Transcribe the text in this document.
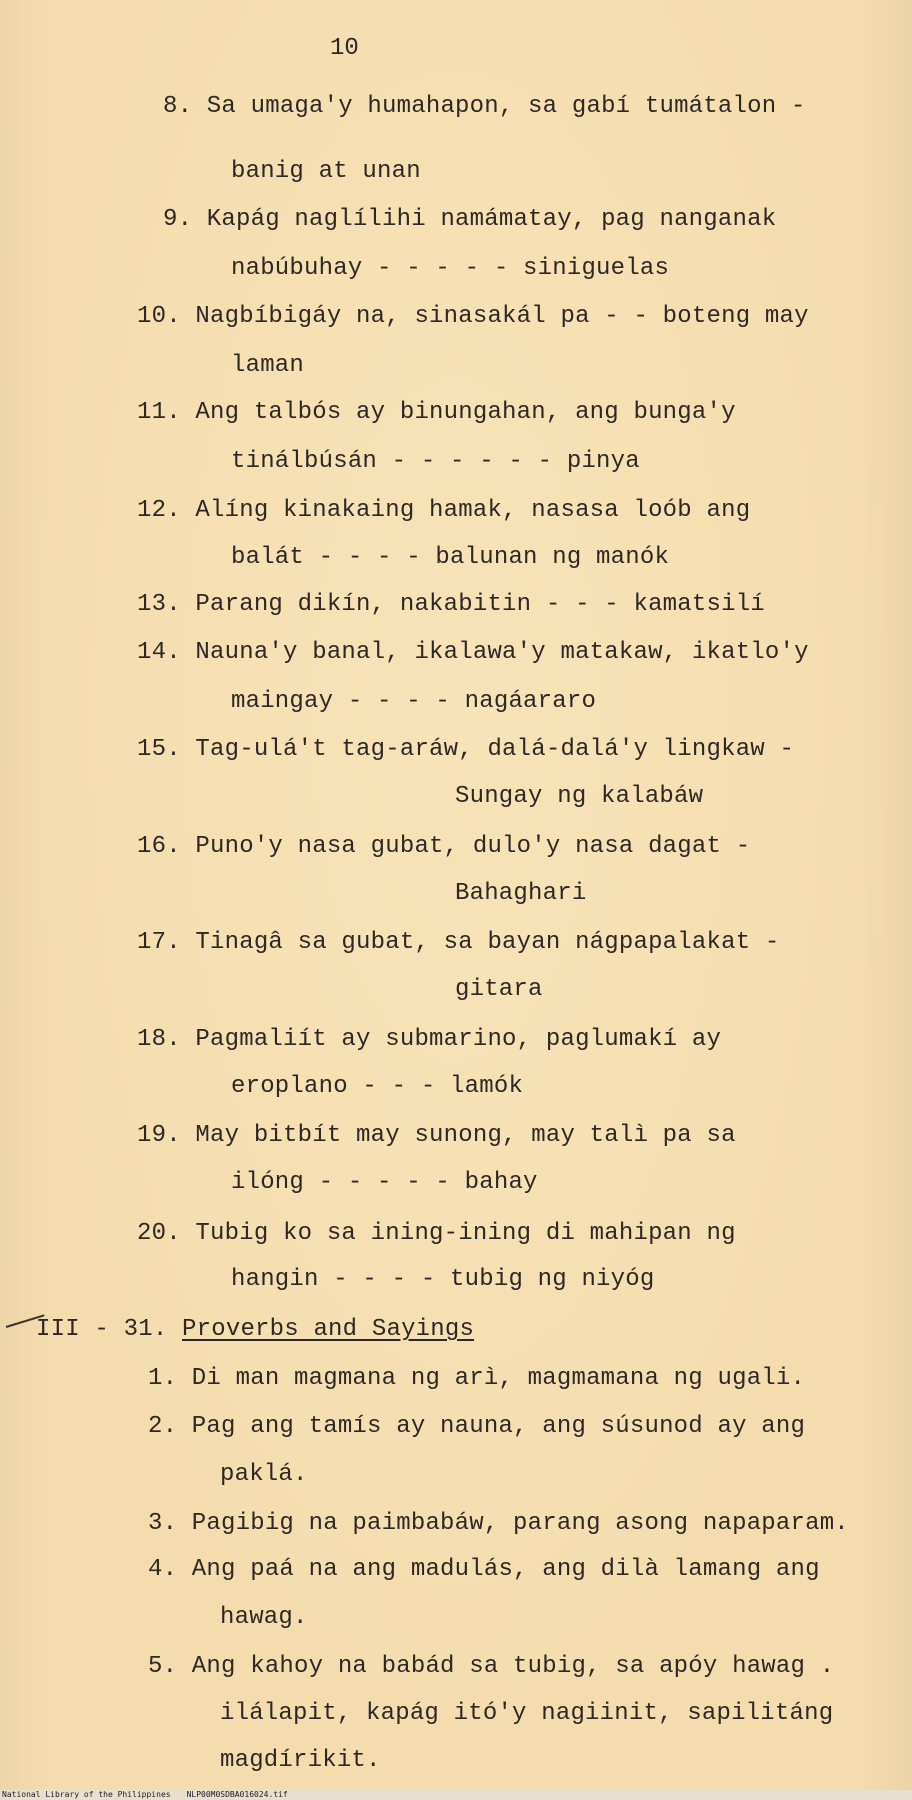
10
8. Sa umaga'y humahapon, sa gabí tumátalon -
banig at unan
9. Kapág naglílihi namámatay, pag nanganak
nabúbuhay - - - - - siniguelas
10. Nagbíbigáy na, sinasakál pa - - boteng may
laman
11. Ang talbós ay binungahan, ang bunga'y
tinálbúsán - - - - - - pinya
12. Alíng kinakaing hamak, nasasa loób ang
balát - - - - balunan ng manók
13. Parang dikín, nakabitin - - - kamatsilí
14. Nauna'y banal, ikalawa'y matakaw, ikatlo'y
maingay - - - - nagáararo
15. Tag-ulá't tag-aráw, dalá-dalá'y lingkaw -
Sungay ng kalabáw
16. Puno'y nasa gubat, dulo'y nasa dagat -
Bahaghari
17. Tinagâ sa gubat, sa bayan nágpapalakat -
gitara
18. Pagmaliít ay submarino, paglumakí ay
eroplano - - - lamók
19. May bitbít may sunong, may talì pa sa
ilóng - - - - - bahay
20. Tubig ko sa ining-ining di mahipan ng
hangin - - - - tubig ng niyóg
III - 31. Proverbs and Sayings
1. Di man magmana ng arì, magmamana ng ugali.
2. Pag ang tamís ay nauna, ang súsunod ay ang
paklá.
3. Pagibig na paimbabáw, parang asong napaparam.
4. Ang paá na ang madulás, ang dilà lamang ang
hawag.
5. Ang kahoy na babád sa tubig, sa apóy hawag .
ilálapit, kapág itó'y nagiinit, sapilitáng
magdírikit.
National Library of the Philippines NLP00M0SDBA016024.tif
